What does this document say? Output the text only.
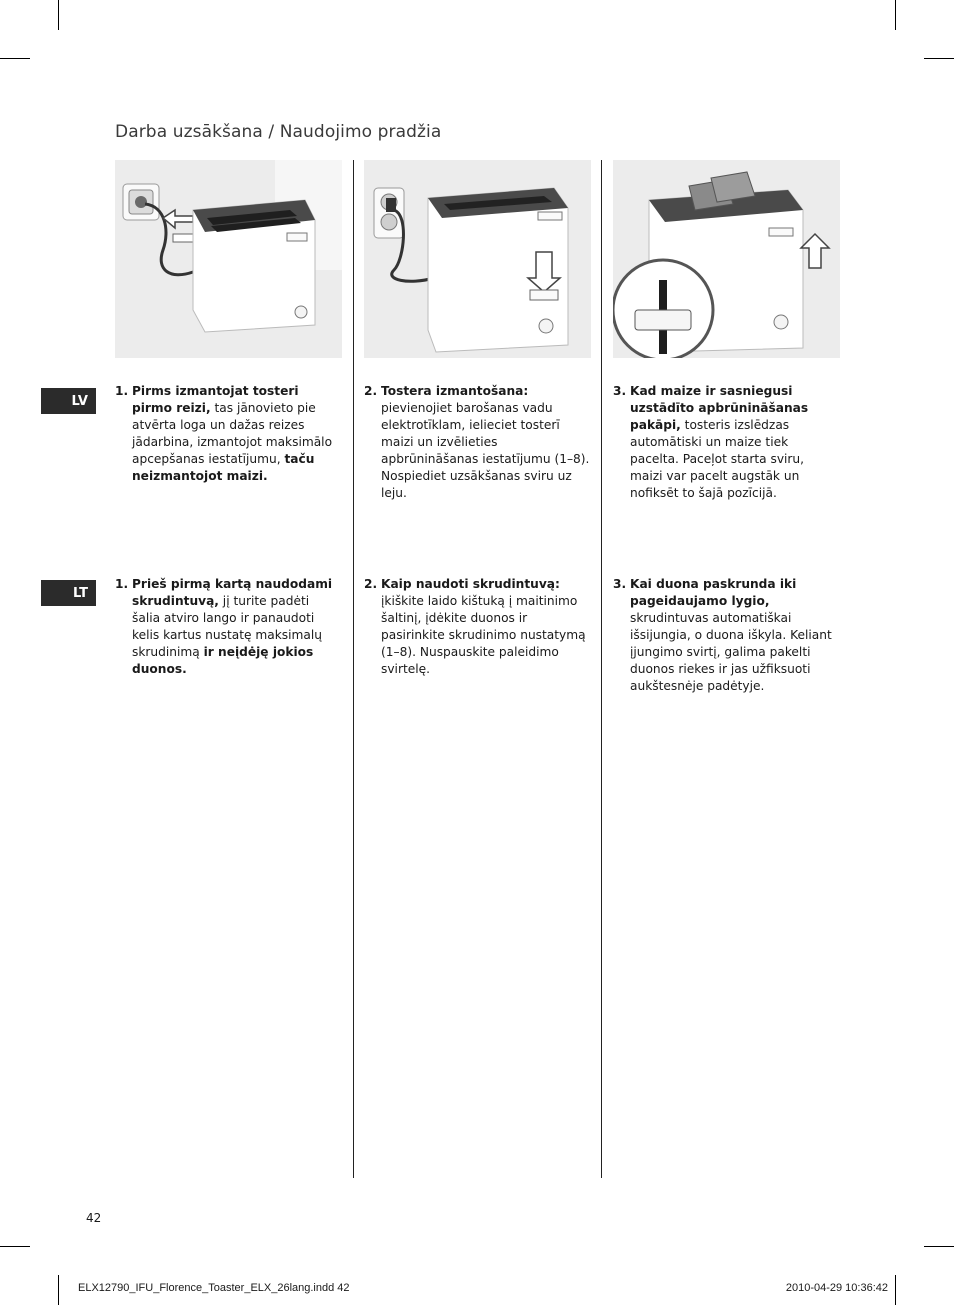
Darba uzsākšana / Naudojimo pradžia
LV
1. Pirms izmantojat tosteri pirmo reizi, tas jānovieto pie atvērta loga un dažas reizes jādarbina, izmantojot maksimālo apcepšanas iestatījumu, taču neizmantojot maizi.
2. Tostera izmantošana: pievienojiet barošanas vadu elektrotīklam, ielieciet tosterī maizi un izvēlieties apbrūnināšanas iestatījumu (1–8). Nospiediet uzsākšanas sviru uz leju.
3. Kad maize ir sasniegusi uzstādīto apbrūnināšanas pakāpi, tosteris izslēdzas automātiski un maize tiek pacelta. Paceļot starta sviru, maizi var pacelt augstāk un nofiksēt to šajā pozīcijā.
LT
1. Prieš pirmą kartą naudodami skrudintuvą, jį turite padėti šalia atviro lango ir panaudoti kelis kartus nustatę maksimalų skrudinimą ir neįdėję jokios duonos.
2. Kaip naudoti skrudintuvą: įkiškite laido kištuką į maitinimo šaltinį, įdėkite duonos ir pasirinkite skrudinimo nustatymą (1–8). Nuspauskite paleidimo svirtelę.
3. Kai duona paskrunda iki pageidaujamo lygio, skrudintuvas automatiškai išsijungia, o duona iškyla. Keliant įjungimo svirtį, galima pakelti duonos riekes ir jas užfiksuoti aukštesnėje padėtyje.
42
ELX12790_IFU_Florence_Toaster_ELX_26lang.indd 42	2010-04-29 10:36:42
